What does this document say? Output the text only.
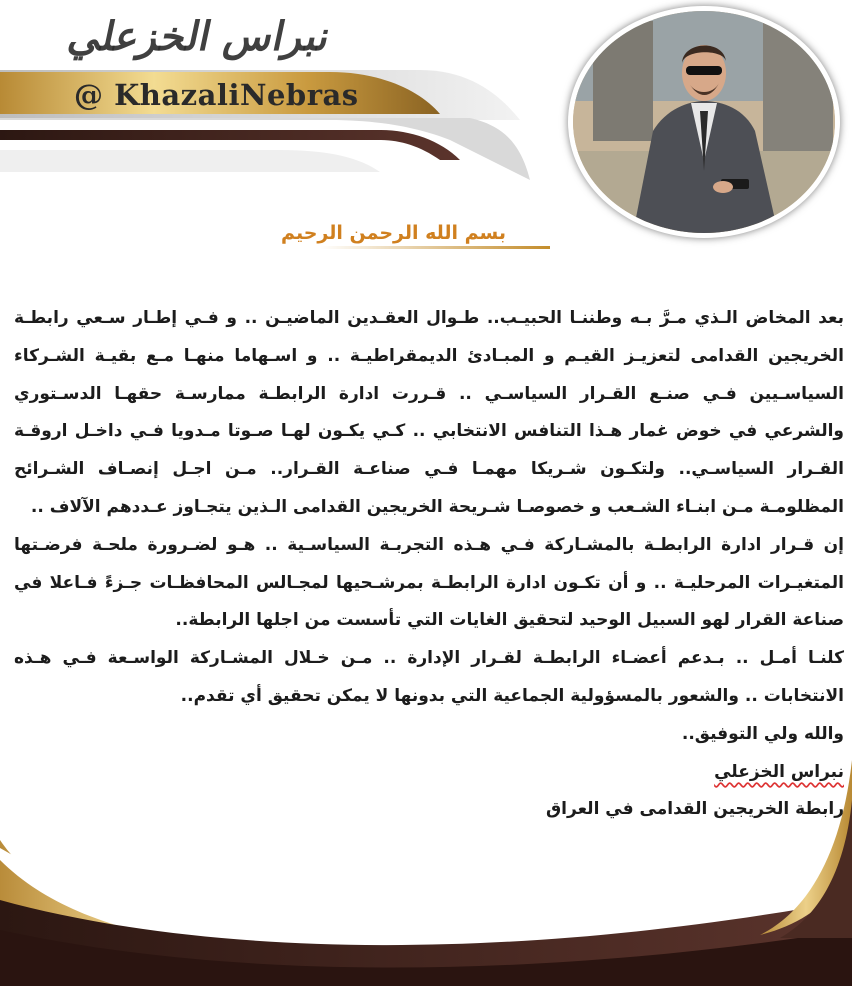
نبراس الخزعلي
@ KhazaliNebras
بسم الله الرحمن الرحيم

بعد المخاض الـذي مـرَّ بـه وطننـا الحبيـب.. طـوال العقـدين الماضيـن .. و فـي إطـار سـعي رابطـة الخريجين القدامى لتعزيـز القيـم و المبـادئ الديمقراطيـة .. و اسـهاما منهـا مـع بقيـة الشـركاء السياسـيين فـي صنـع القـرار السياسـي .. قـررت ادارة الرابطـة ممارسـة حقهـا الدسـتوري والشرعي في خوض غمار هـذا التنافس الانتخابي .. كـي يكـون لهـا صـوتا مـدويا فـي داخـل اروقـة القـرار السياسـي.. ولتكـون شـريكا مهمـا فـي صناعـة القـرار.. مـن اجـل إنصـاف الشـرائح المظلومـة مـن ابنـاء الشـعب و خصوصـا شـريحة الخريجين القدامى الـذين يتجـاوز عـددهم الآلاف ..

إن قـرار ادارة الرابطـة بالمشـاركة فـي هـذه التجربـة السياسـية .. هـو لضـرورة ملحـة فرضـتها المتغيـرات المرحليـة .. و أن تكـون ادارة الرابطـة بمرشـحيها لمجـالس المحافظـات جـزءً فـاعلا في صناعة القرار لهو السبيل الوحيد لتحقيق الغايات التي تأسست من اجلها الرابطة..

كلنـا أمـل .. بـدعم أعضـاء الرابطـة لقـرار الإدارة .. مـن خـلال المشـاركة الواسـعة فـي هـذه الانتخابات .. والشعور بالمسؤولية الجماعية التي بدونها لا يمكن تحقيق أي تقدم..

والله ولي التوفيق..

نبراس الخزعلي

رابطة الخريجين القدامى في العراق
